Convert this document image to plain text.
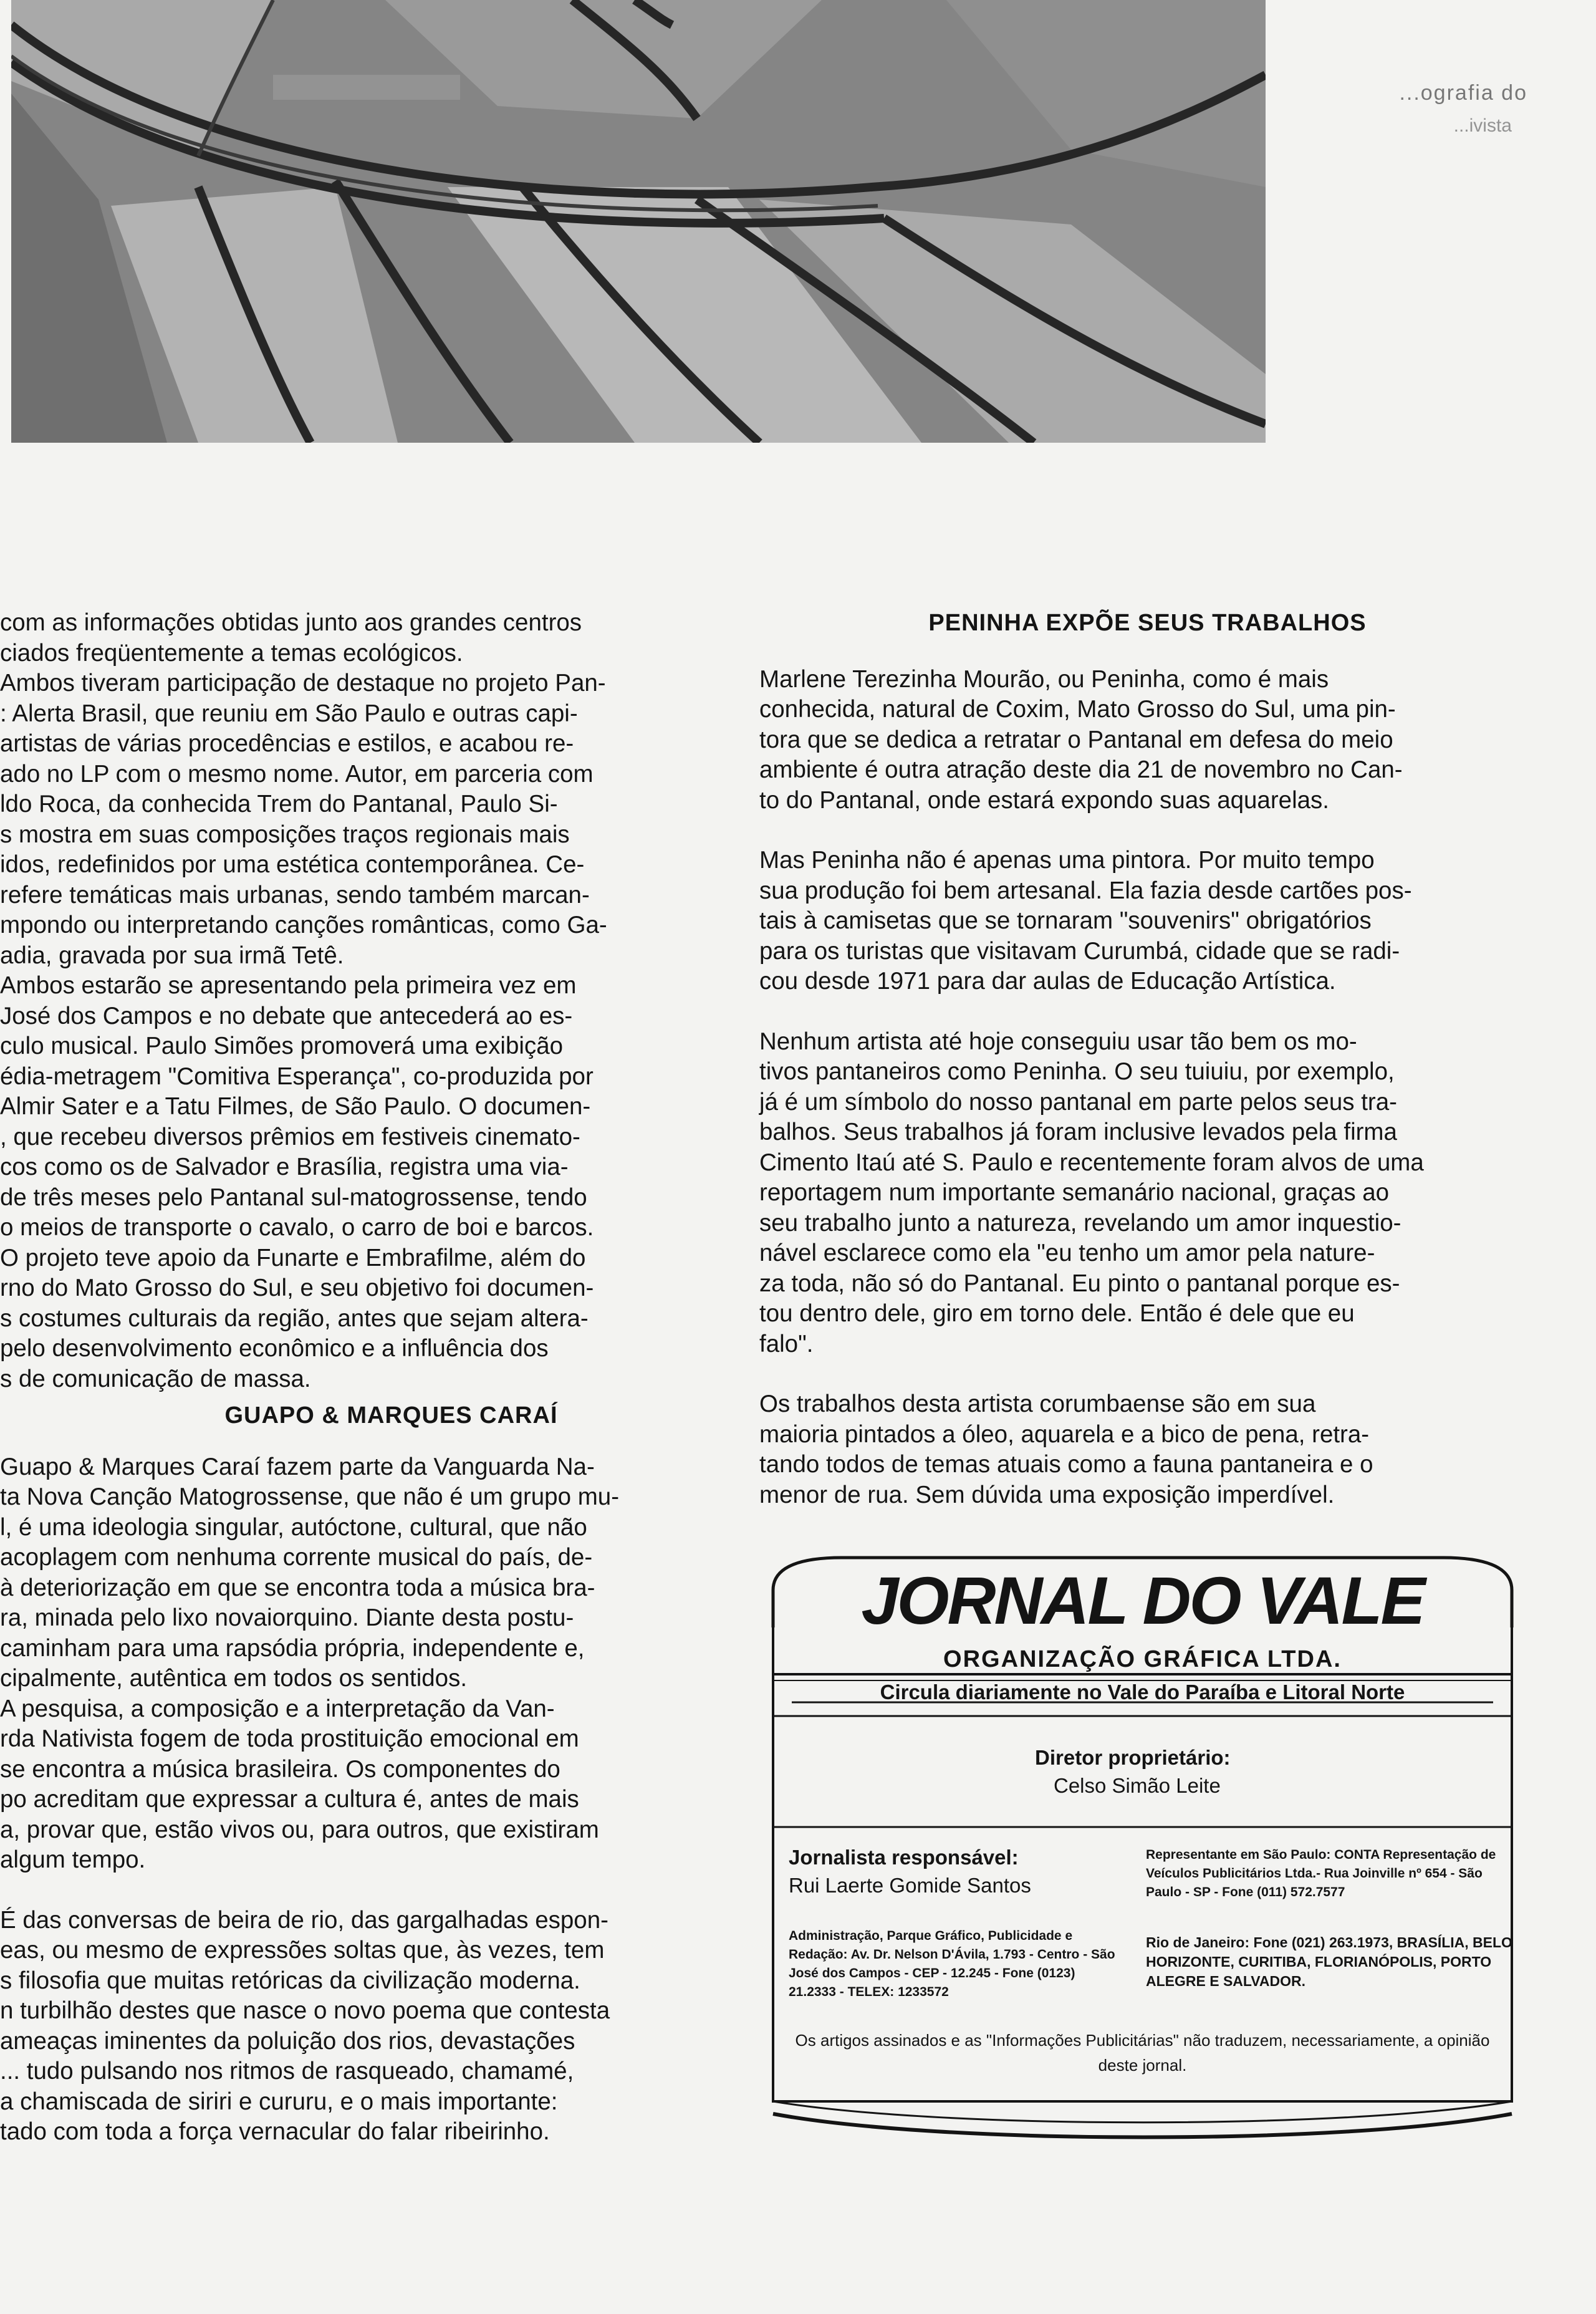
...ografia do
...ivista

com as informações obtidas junto aos grandes centros

ciados freqüentemente a temas ecológicos.

Ambos tiveram participação de destaque no projeto Pan-

: Alerta Brasil, que reuniu em São Paulo e outras capi-

artistas de várias procedências e estilos, e acabou re-

ado no LP com o mesmo nome. Autor, em parceria com

ldo Roca, da conhecida Trem do Pantanal, Paulo Si-

s mostra em suas composições traços regionais mais

idos, redefinidos por uma estética contemporânea. Ce-

refere temáticas mais urbanas, sendo também marcan-

mpondo ou interpretando canções românticas, como Ga-

adia, gravada por sua irmã Tetê.

Ambos estarão se apresentando pela primeira vez em

José dos Campos e no debate que antecederá ao es-

culo musical. Paulo Simões promoverá uma exibição

édia-metragem "Comitiva Esperança", co-produzida por

Almir Sater e a Tatu Filmes, de São Paulo. O documen-

, que recebeu diversos prêmios em festiveis cinemato-

cos como os de Salvador e Brasília, registra uma via-

de três meses pelo Pantanal sul-matogrossense, tendo

o meios de transporte o cavalo, o carro de boi e barcos.

O projeto teve apoio da Funarte e Embrafilme, além do

rno do Mato Grosso do Sul, e seu objetivo foi documen-

s costumes culturais da região, antes que sejam altera-

pelo desenvolvimento econômico e a influência dos

s de comunicação de massa.

GUAPO & MARQUES CARAÍ

Guapo & Marques Caraí fazem parte da Vanguarda Na-

ta Nova Canção Matogrossense, que não é um grupo mu-

l, é uma ideologia singular, autóctone, cultural, que não

acoplagem com nenhuma corrente musical do país, de-

à deteriorização em que se encontra toda a música bra-

ra, minada pelo lixo novaiorquino. Diante desta postu-

caminham para uma rapsódia própria, independente e,

cipalmente, autêntica em todos os sentidos.

A pesquisa, a composição e a interpretação da Van-

rda Nativista fogem de toda prostituição emocional em

se encontra a música brasileira. Os componentes do

po acreditam que expressar a cultura é, antes de mais

a, provar que, estão vivos ou, para outros, que existiram

algum tempo.

É das conversas de beira de rio, das gargalhadas espon-

eas, ou mesmo de expressões soltas que, às vezes, tem

s filosofia que muitas retóricas da civilização moderna.

n turbilhão destes que nasce o novo poema que contesta

ameaças iminentes da poluição dos rios, devastações

... tudo pulsando nos ritmos de rasqueado, chamamé,

a chamiscada de siriri e cururu, e o mais importante:

tado com toda a força vernacular do falar ribeirinho.

PENINHA EXPÕE SEUS TRABALHOS

Marlene Terezinha Mourão, ou Peninha, como é mais

conhecida, natural de Coxim, Mato Grosso do Sul, uma pin-

tora que se dedica a retratar o Pantanal em defesa do meio

ambiente é outra atração deste dia 21 de novembro no Can-

to do Pantanal, onde estará expondo suas aquarelas.

Mas Peninha não é apenas uma pintora. Por muito tempo

sua produção foi bem artesanal. Ela fazia desde cartões pos-

tais à camisetas que se tornaram "souvenirs" obrigatórios

para os turistas que visitavam Curumbá, cidade que se radi-

cou desde 1971 para dar aulas de Educação Artística.

Nenhum artista até hoje conseguiu usar tão bem os mo-

tivos pantaneiros como Peninha. O seu tuiuiu, por exemplo,

já é um símbolo do nosso pantanal em parte pelos seus tra-

balhos. Seus trabalhos já foram inclusive levados pela firma

Cimento Itaú até S. Paulo e recentemente foram alvos de uma

reportagem num importante semanário nacional, graças ao

seu trabalho junto a natureza, revelando um amor inquestio-

nável esclarece como ela "eu tenho um amor pela nature-

za toda, não só do Pantanal. Eu pinto o pantanal porque es-

tou dentro dele, giro em torno dele. Então é dele que eu

falo".

Os trabalhos desta artista corumbaense são em sua

maioria pintados a óleo, aquarela e a bico de pena, retra-

tando todos de temas atuais como a fauna pantaneira e o

menor de rua. Sem dúvida uma exposição imperdível.

JORNAL DO VALE
ORGANIZAÇÃO GRÁFICA LTDA.
Circula diariamente no Vale do Paraíba e Litoral Norte
Diretor proprietário:
Celso Simão Leite
Jornalista responsável:
Rui Laerte Gomide Santos
Representante em São Paulo: CONTA Representação de Veículos Publicitários Ltda.- Rua Joinville nº 654 - São Paulo - SP - Fone (011) 572.7577
Administração, Parque Gráfico, Publicidade e Redação: Av. Dr. Nelson D'Ávila, 1.793 - Centro - São José dos Campos - CEP - 12.245 - Fone (0123) 21.2333 - TELEX: 1233572
Rio de Janeiro: Fone (021) 263.1973, BRASÍLIA, BELO HORIZONTE, CURITIBA, FLORIANÓPOLIS, PORTO ALEGRE E SALVADOR.
Os artigos assinados e as "Informações Publicitárias" não traduzem, necessariamente, a opinião deste jornal.
